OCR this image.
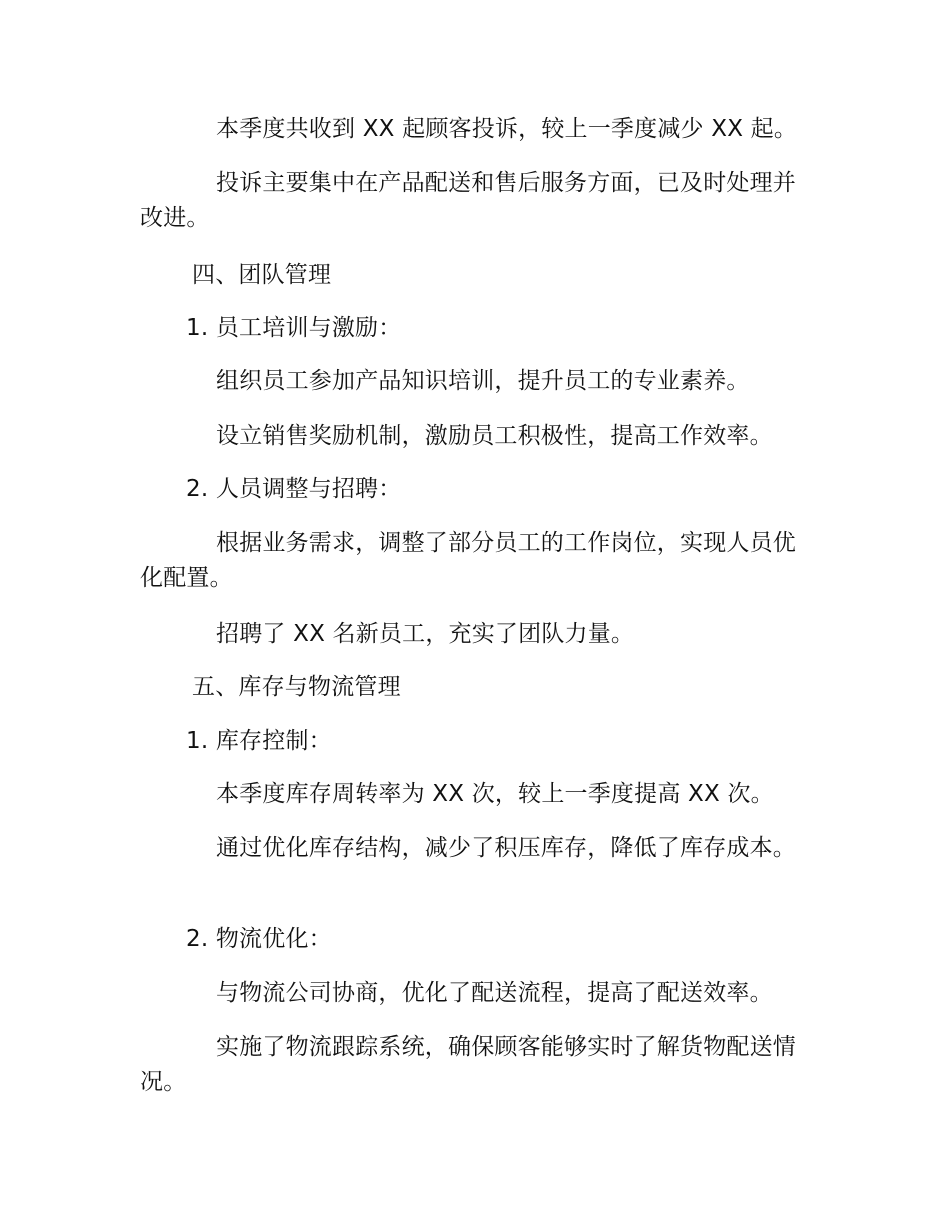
本季度共收到 XX 起顾客投诉，较上一季度减少 XX 起。
投诉主要集中在产品配送和售后服务方面，已及时处理并改进。
四、团队管理
1. 员工培训与激励：
组织员工参加产品知识培训，提升员工的专业素养。
设立销售奖励机制，激励员工积极性，提高工作效率。
2. 人员调整与招聘：
根据业务需求，调整了部分员工的工作岗位，实现人员优化配置。
招聘了 XX 名新员工，充实了团队力量。
五、库存与物流管理
1. 库存控制：
本季度库存周转率为 XX 次，较上一季度提高 XX 次。
通过优化库存结构，减少了积压库存，降低了库存成本。
2. 物流优化：
与物流公司协商，优化了配送流程，提高了配送效率。
实施了物流跟踪系统，确保顾客能够实时了解货物配送情况。
